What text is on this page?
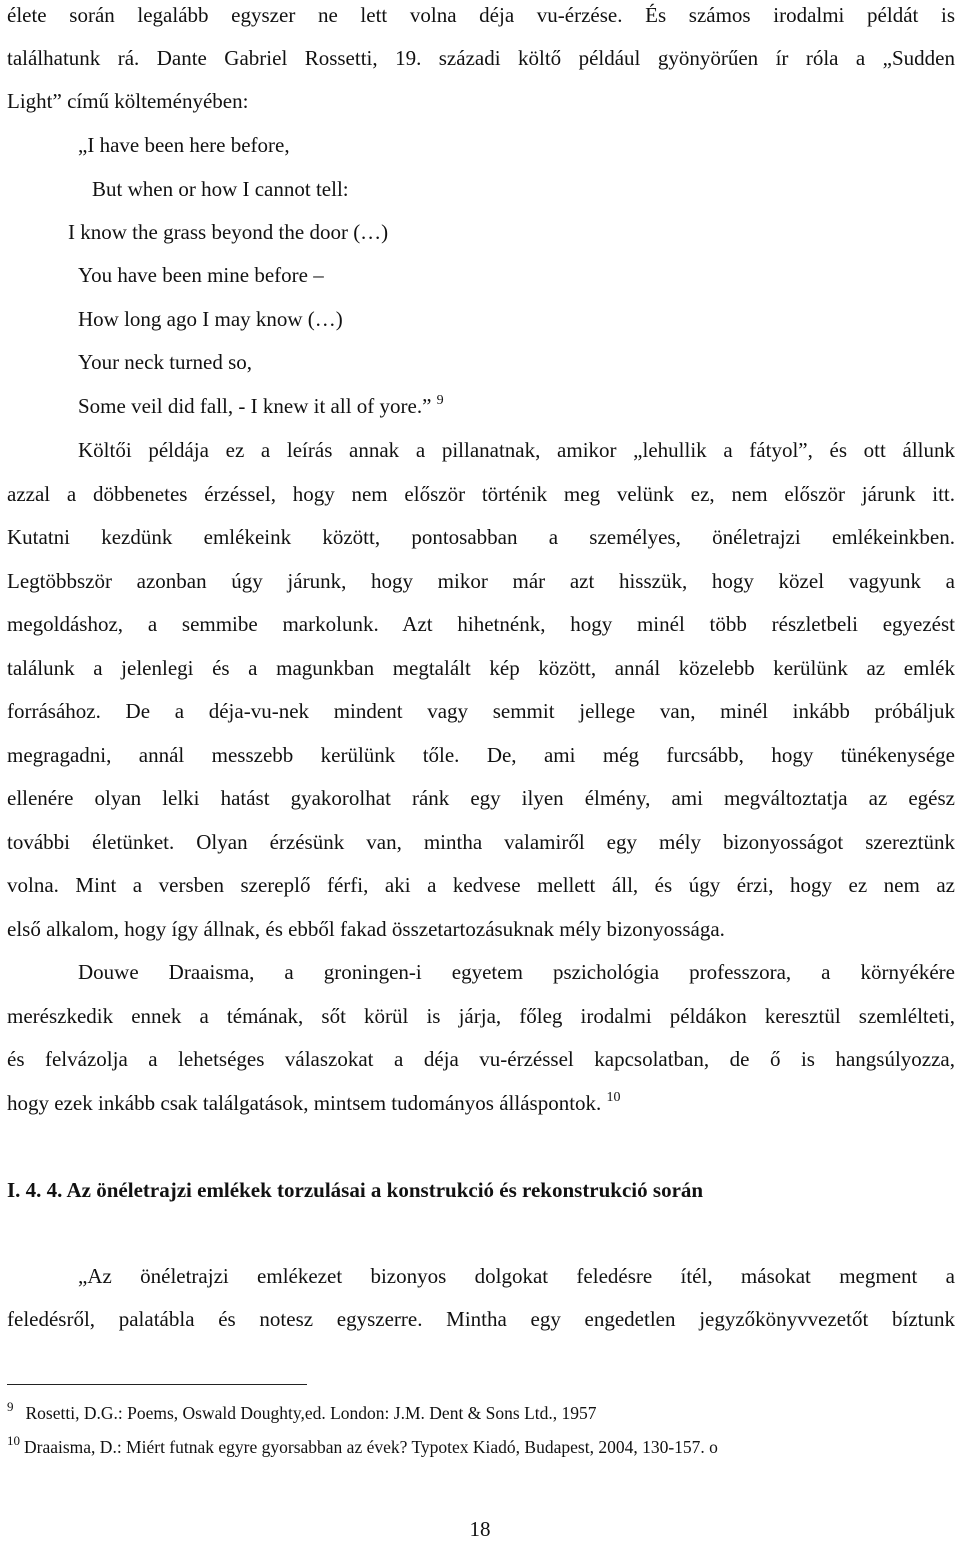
élete során legalább egyszer ne lett volna déja vu-érzése. És számos irodalmi példát is
találhatunk rá. Dante Gabriel Rossetti, 19. századi költő például gyönyörűen ír róla a „Sudden
Light” című költeményében:
„I have been here before,
But when or how I cannot tell:
I know the grass beyond the door (…)
You have been mine before –
How long ago I may know (…)
Your neck turned so,
Some veil did fall, - I knew it all of yore.” $^9$
Költői példája ez a leírás annak a pillanatnak, amikor „lehullik a fátyol”, és ott állunk
azzal a döbbenetes érzéssel, hogy nem először történik meg velünk ez, nem először járunk itt.
Kutatni kezdünk emlékeink között, pontosabban a személyes, önéletrajzi emlékeinkben.
Legtöbbször azonban úgy járunk, hogy mikor már azt hisszük, hogy közel vagyunk a
megoldáshoz, a semmibe markolunk. Azt hihetnénk, hogy minél több részletbeli egyezést
találunk a jelenlegi és a magunkban megtalált kép között, annál közelebb kerülünk az emlék
forrásához. De a déja-vu-nek mindent vagy semmit jellege van, minél inkább próbáljuk
megragadni, annál messzebb kerülünk tőle. De, ami még furcsább, hogy tünékenysége
ellenére olyan lelki hatást gyakorolhat ránk egy ilyen élmény, ami megváltoztatja az egész
további életünket. Olyan érzésünk van, mintha valamiről egy mély bizonyosságot szereztünk
volna. Mint a versben szereplő férfi, aki a kedvese mellett áll, és úgy érzi, hogy ez nem az
első alkalom, hogy így állnak, és ebből fakad összetartozásuknak mély bizonyossága.
Douwe Draaisma, a groningen-i egyetem pszichológia professzora, a környékére
merészkedik ennek a témának, sőt körül is járja, főleg irodalmi példákon keresztül szemlélteti,
és felvázolja a lehetséges válaszokat a déja vu-érzéssel kapcsolatban, de ő is hangsúlyozza,
hogy ezek inkább csak találgatások, mintsem tudományos álláspontok. $^{10}$
I. 4. 4. Az önéletrajzi emlékek torzulásai a konstrukció és rekonstrukció során
„Az önéletrajzi emlékezet bizonyos dolgokat feledésre ítél, másokat megment a
feledésről, palatábla és notesz egyszerre. Mintha egy engedetlen jegyzőkönyvvezetőt bíztunk
$^9$ Rosetti, D.G.: Poems, Oswald Doughty,ed. London: J.M. Dent & Sons Ltd., 1957
$^{10}$ Draaisma, D.: Miért futnak egyre gyorsabban az évek? Typotex Kiadó, Budapest, 2004, 130-157. o
18
